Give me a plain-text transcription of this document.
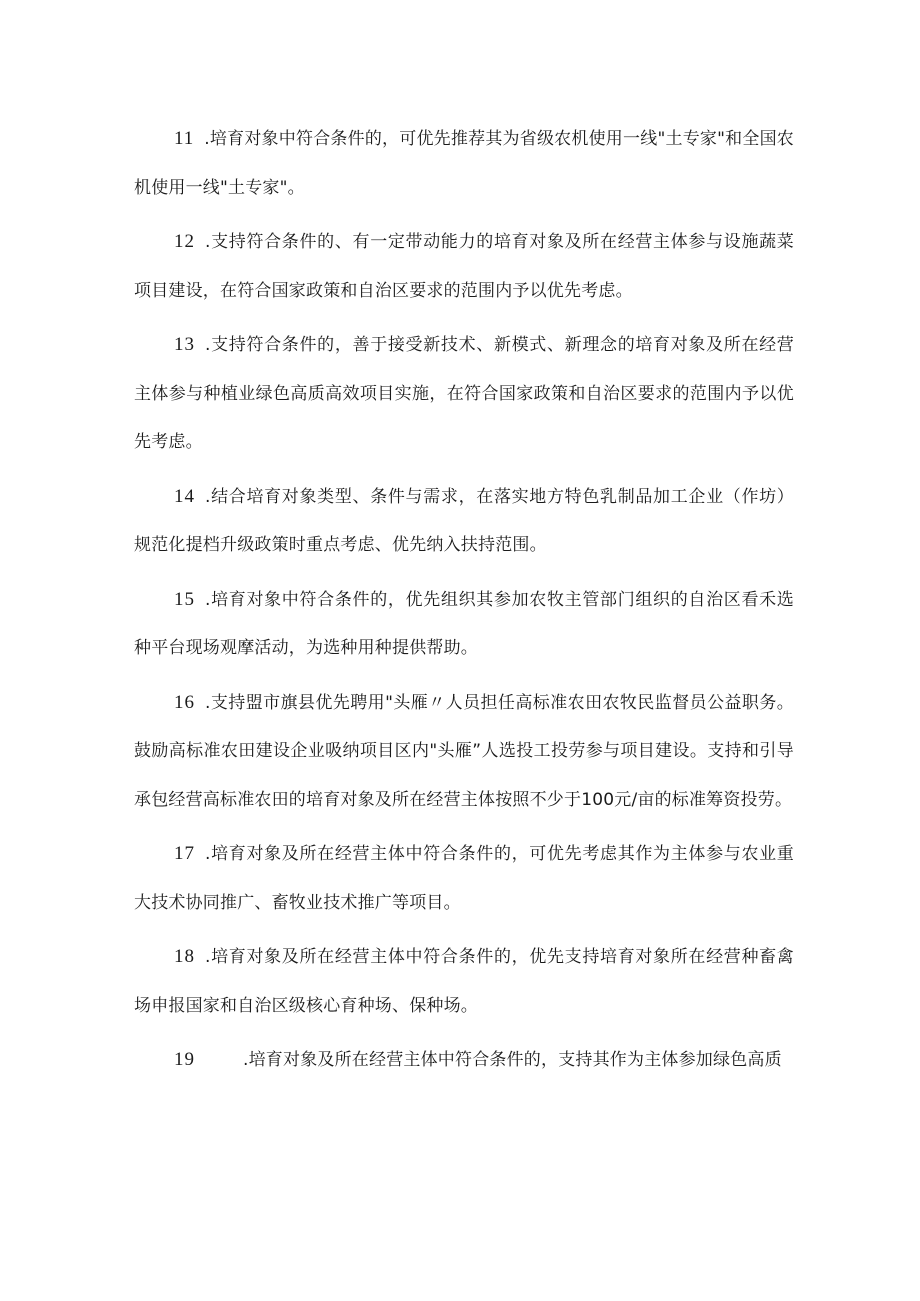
11 .培育对象中符合条件的，可优先推荐其为省级农机使用一线"土专家"和全国农机使用一线"土专家"。

12 .支持符合条件的、有一定带动能力的培育对象及所在经营主体参与设施蔬菜项目建设，在符合国家政策和自治区要求的范围内予以优先考虑。

13 .支持符合条件的，善于接受新技术、新模式、新理念的培育对象及所在经营主体参与种植业绿色高质高效项目实施，在符合国家政策和自治区要求的范围内予以优先考虑。

14 .结合培育对象类型、条件与需求，在落实地方特色乳制品加工企业（作坊）规范化提档升级政策时重点考虑、优先纳入扶持范围。

15 .培育对象中符合条件的，优先组织其参加农牧主管部门组织的自治区看禾选种平台现场观摩活动，为选种用种提供帮助。

16 .支持盟市旗县优先聘用"头雁〃人员担任高标准农田农牧民监督员公益职务。鼓励高标准农田建设企业吸纳项目区内"头雁”人选投工投劳参与项目建设。支持和引导承包经营高标准农田的培育对象及所在经营主体按照不少于100元/亩的标准筹资投劳。

17 .培育对象及所在经营主体中符合条件的，可优先考虑其作为主体参与农业重大技术协同推广、畜牧业技术推广等项目。

18 .培育对象及所在经营主体中符合条件的，优先支持培育对象所在经营种畜禽场申报国家和自治区级核心育种场、保种场。

19	.培育对象及所在经营主体中符合条件的，支持其作为主体参加绿色高质
